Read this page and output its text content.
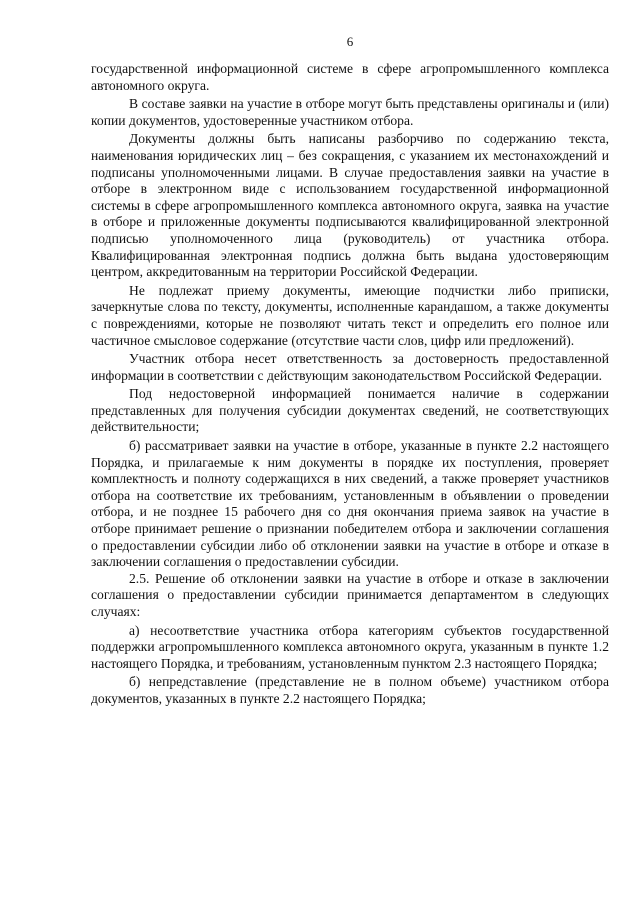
6

государственной информационной системе в сфере агропромышленного комплекса автономного округа.

В составе заявки на участие в отборе могут быть представлены оригиналы и (или) копии документов, удостоверенные участником отбора.

Документы должны быть написаны разборчиво по содержанию текста, наименования юридических лиц – без сокращения, с указанием их местонахождений и подписаны уполномоченными лицами. В случае предоставления заявки на участие в отборе в электронном виде с использованием государственной информационной системы в сфере агропромышленного комплекса автономного округа, заявка на участие в отборе и приложенные документы подписываются квалифицированной электронной подписью уполномоченного лица (руководитель) от участника отбора. Квалифицированная электронная подпись должна быть выдана удостоверяющим центром, аккредитованным на территории Российской Федерации.

Не подлежат приему документы, имеющие подчистки либо приписки, зачеркнутые слова по тексту, документы, исполненные карандашом, а также документы с повреждениями, которые не позволяют читать текст и определить его полное или частичное смысловое содержание (отсутствие части слов, цифр или предложений).

Участник отбора несет ответственность за достоверность предоставленной информации в соответствии с действующим законодательством Российской Федерации.

Под недостоверной информацией понимается наличие в содержании представленных для получения субсидии документах сведений, не соответствующих действительности;

б) рассматривает заявки на участие в отборе, указанные в пункте 2.2 настоящего Порядка, и прилагаемые к ним документы в порядке их поступления, проверяет комплектность и полноту содержащихся в них сведений, а также проверяет участников отбора на соответствие их требованиям, установленным в объявлении о проведении отбора, и не позднее 15 рабочего дня со дня окончания приема заявок на участие в отборе принимает решение о признании победителем отбора и заключении соглашения о предоставлении субсидии либо об отклонении заявки на участие в отборе и отказе в заключении соглашения о предоставлении субсидии.

2.5. Решение об отклонении заявки на участие в отборе и отказе в заключении соглашения о предоставлении субсидии принимается департаментом в следующих случаях:

а) несоответствие участника отбора категориям субъектов государственной поддержки агропромышленного комплекса автономного округа, указанным в пункте 1.2 настоящего Порядка, и требованиям, установленным пунктом 2.3 настоящего Порядка;

б) непредставление (представление не в полном объеме) участником отбора документов, указанных в пункте 2.2 настоящего Порядка;
